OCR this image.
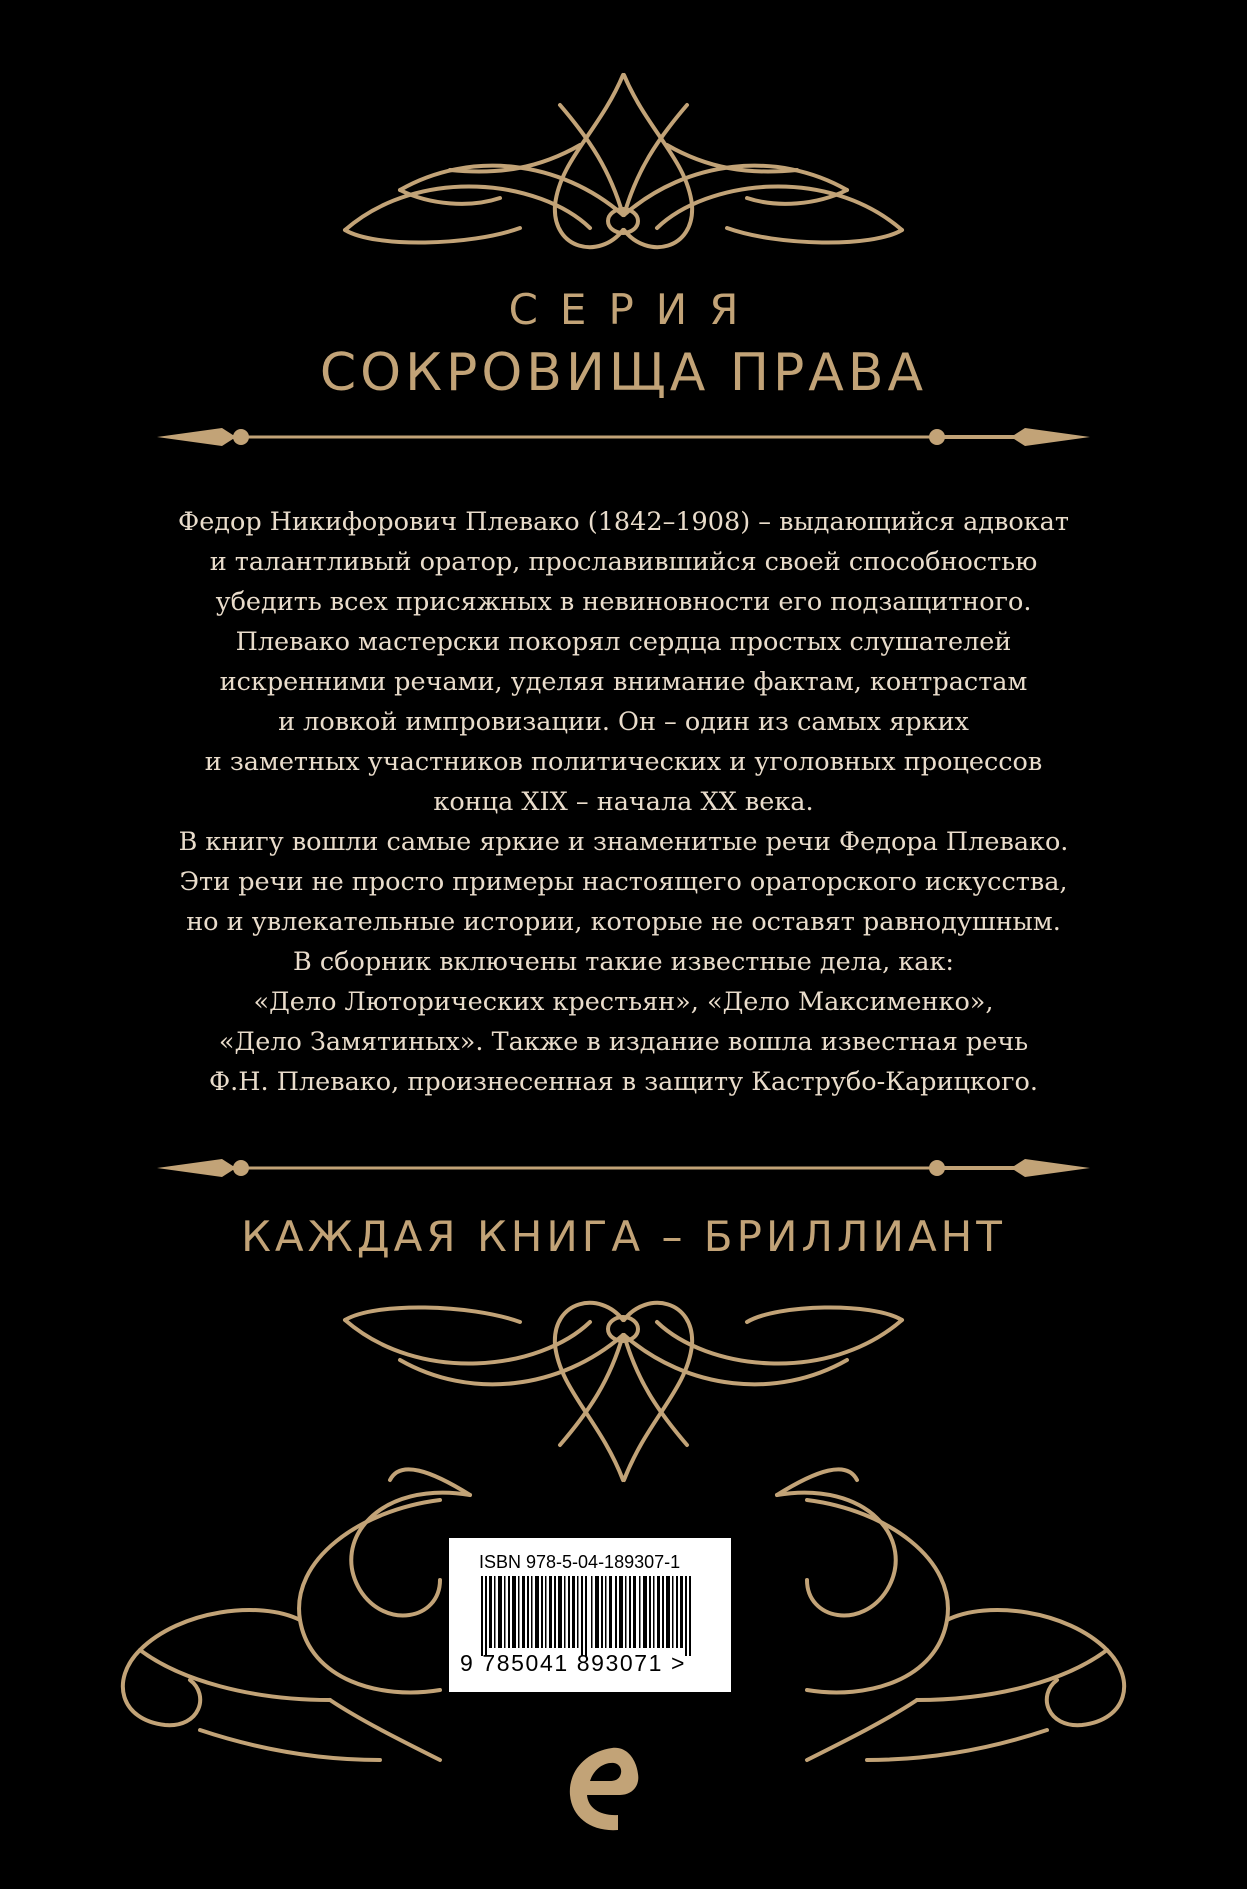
СЕРИЯ
СОКРОВИЩА ПРАВА
Федор Никифорович Плевако (1842–1908) – выдающийся адвокат
и талантливый оратор, прославившийся своей способностью
убедить всех присяжных в невиновности его подзащитного.
Плевако мастерски покорял сердца простых слушателей
искренними речами, уделяя внимание фактам, контрастам
и ловкой импровизации. Он – один из самых ярких
и заметных участников политических и уголовных процессов
конца XIX – начала XX века.
В книгу вошли самые яркие и знаменитые речи Федора Плевако.
Эти речи не просто примеры настоящего ораторского искусства,
но и увлекательные истории, которые не оставят равнодушным.
В сборник включены такие известные дела, как:
«Дело Люторических крестьян», «Дело Максименко»,
«Дело Замятиных». Также в издание вошла известная речь
Ф.Н. Плевако, произнесенная в защиту Каструбо-Карицкого.
КАЖДАЯ КНИГА – БРИЛЛИАНТ
ISBN 978-5-04-189307-1
9 785041 893071 >
